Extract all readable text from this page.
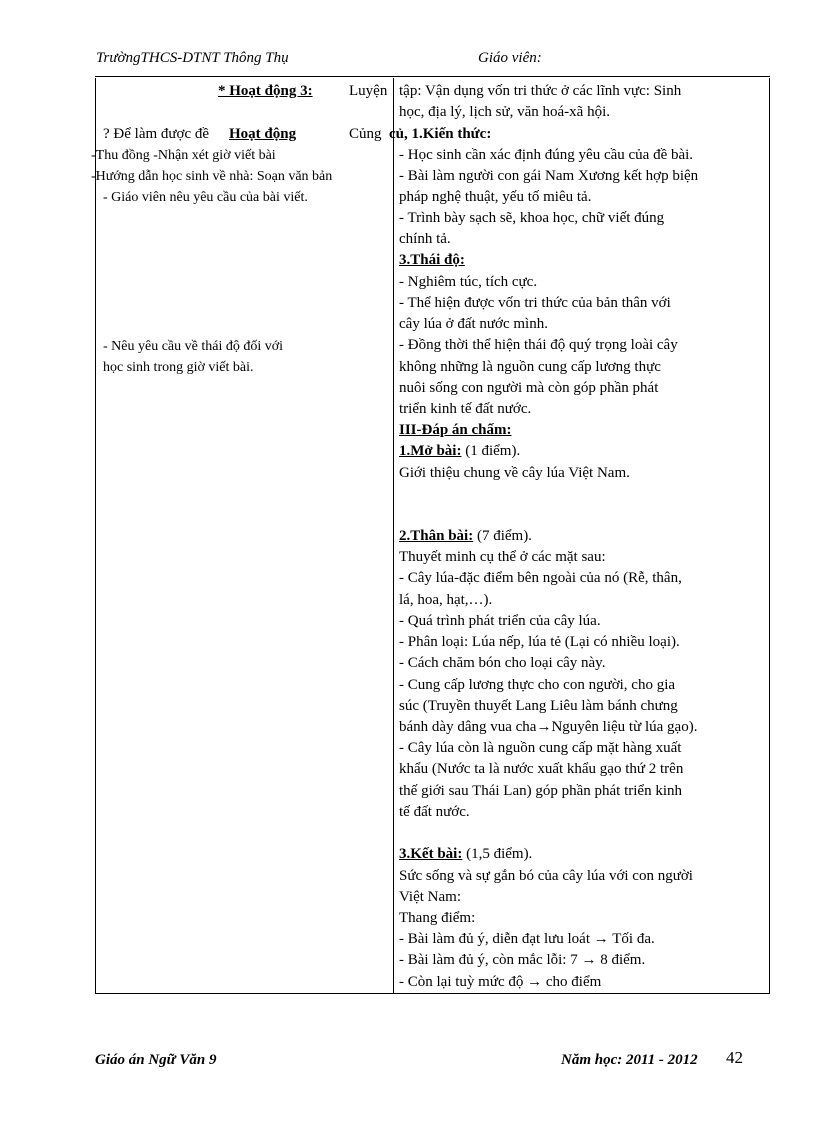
TrườngTHCS-DTNT Thông Thụ	Giáo viên:
* Hoạt động 3: Luyện
? Để làm được đề Hoạt động	Củng
-Thu đồng -Nhận xét giờ viết bài
-Hướng dẫn học sinh về nhà: Soạn văn bản
- Giáo viên nêu yêu cầu của bài viết.
- Nêu yêu cầu về thái độ đối với
học sinh trong giờ viết bài.
tập: Vận dụng vốn tri thức ở các lĩnh vực: Sinh
học, địa lý, lịch sử, văn hoá-xã hội.
củ, 1.Kiến thức:
- Học sinh cần xác định đúng yêu cầu của đề bài.
- Bài làm người con gái Nam Xương kết hợp biện
pháp nghệ thuật, yếu tố miêu tả.
- Trình bày sạch sẽ, khoa học, chữ viết đúng
chính tả.
3.Thái độ:
- Nghiêm túc, tích cực.
- Thể hiện được vốn tri thức của bản thân với
cây lúa ở đất nước mình.
- Đồng thời thể hiện thái độ quý trọng loài cây
không những là nguồn cung cấp lương thực
nuôi sống con người mà còn góp phần phát
triển kinh tế đất nước.
III-Đáp án chấm:
1.Mở bài: (1 điểm).
Giới thiệu chung về cây lúa Việt Nam.
2.Thân bài: (7 điểm).
Thuyết minh cụ thể ở các mặt sau:
- Cây lúa-đặc điểm bên ngoài của nó (Rễ, thân,
lá, hoa, hạt,…).
- Quá trình phát triển của cây lúa.
- Phân loại: Lúa nếp, lúa tẻ (Lại có nhiều loại).
- Cách chăm bón cho loại cây này.
- Cung cấp lương thực cho con người, cho gia
súc (Truyền thuyết Lang Liêu làm bánh chưng
bánh dày dâng vua cha→Nguyên liệu từ lúa gạo).
- Cây lúa còn là nguồn cung cấp mặt hàng xuất
khẩu (Nước ta là nước xuất khẩu gạo thứ 2 trên
thế giới sau Thái Lan) góp phần phát triển kinh
tế đất nước.
3.Kết bài: (1,5 điểm).
Sức sống và sự gắn bó của cây lúa với con người
Việt Nam:
Thang điểm:
- Bài làm đủ ý, diễn đạt lưu loát → Tối đa.
- Bài làm đủ ý, còn mắc lỗi: 7 → 8 điểm.
- Còn lại tuỳ mức độ → cho điểm
Giáo án Ngữ Văn 9	Năm học: 2011 - 2012 42
